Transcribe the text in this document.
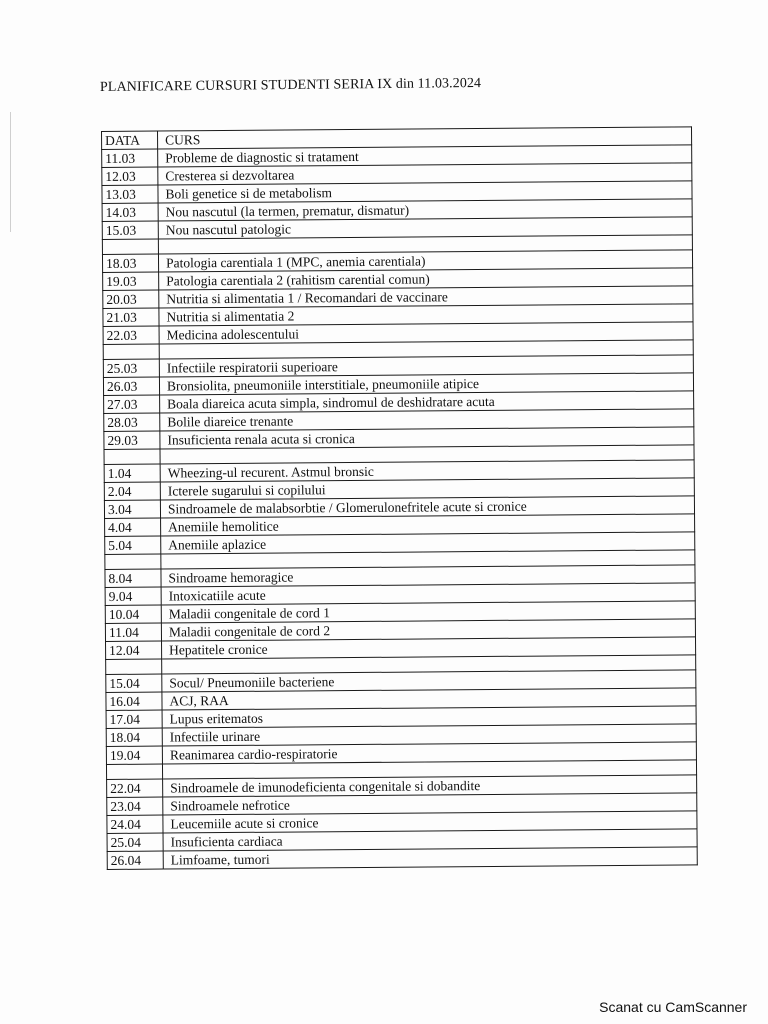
PLANIFICARE CURSURI STUDENTI SERIA IX din 11.03.2024
DATA	CURS
11.03	Probleme de diagnostic si tratament
12.03	Cresterea si dezvoltarea
13.03	Boli genetice si de metabolism
14.03	Nou nascutul (la termen, prematur, dismatur)
15.03	Nou nascutul patologic

18.03	Patologia carentiala 1 (MPC, anemia carentiala)
19.03	Patologia carentiala 2 (rahitism carential comun)
20.03	Nutritia si alimentatia 1 / Recomandari de vaccinare
21.03	Nutritia si alimentatia 2
22.03	Medicina adolescentului

25.03	Infectiile respiratorii superioare
26.03	Bronsiolita, pneumoniile interstitiale, pneumoniile atipice
27.03	Boala diareica acuta simpla, sindromul de deshidratare acuta
28.03	Bolile diareice trenante
29.03	Insuficienta renala acuta si cronica

1.04	Wheezing-ul recurent. Astmul bronsic
2.04	Icterele sugarului si copilului
3.04	Sindroamele de malabsorbtie / Glomerulonefritele acute si cronice
4.04	Anemiile hemolitice
5.04	Anemiile aplazice

8.04	Sindroame hemoragice
9.04	Intoxicatiile acute
10.04	Maladii congenitale de cord 1
11.04	Maladii congenitale de cord 2
12.04	Hepatitele cronice

15.04	Socul/ Pneumoniile bacteriene
16.04	ACJ, RAA
17.04	Lupus eritematos
18.04	Infectiile urinare
19.04	Reanimarea cardio-respiratorie

22.04	Sindroamele de imunodeficienta congenitale si dobandite
23.04	Sindroamele nefrotice
24.04	Leucemiile acute si cronice
25.04	Insuficienta cardiaca
26.04	Limfoame, tumori
Scanat cu CamScanner
